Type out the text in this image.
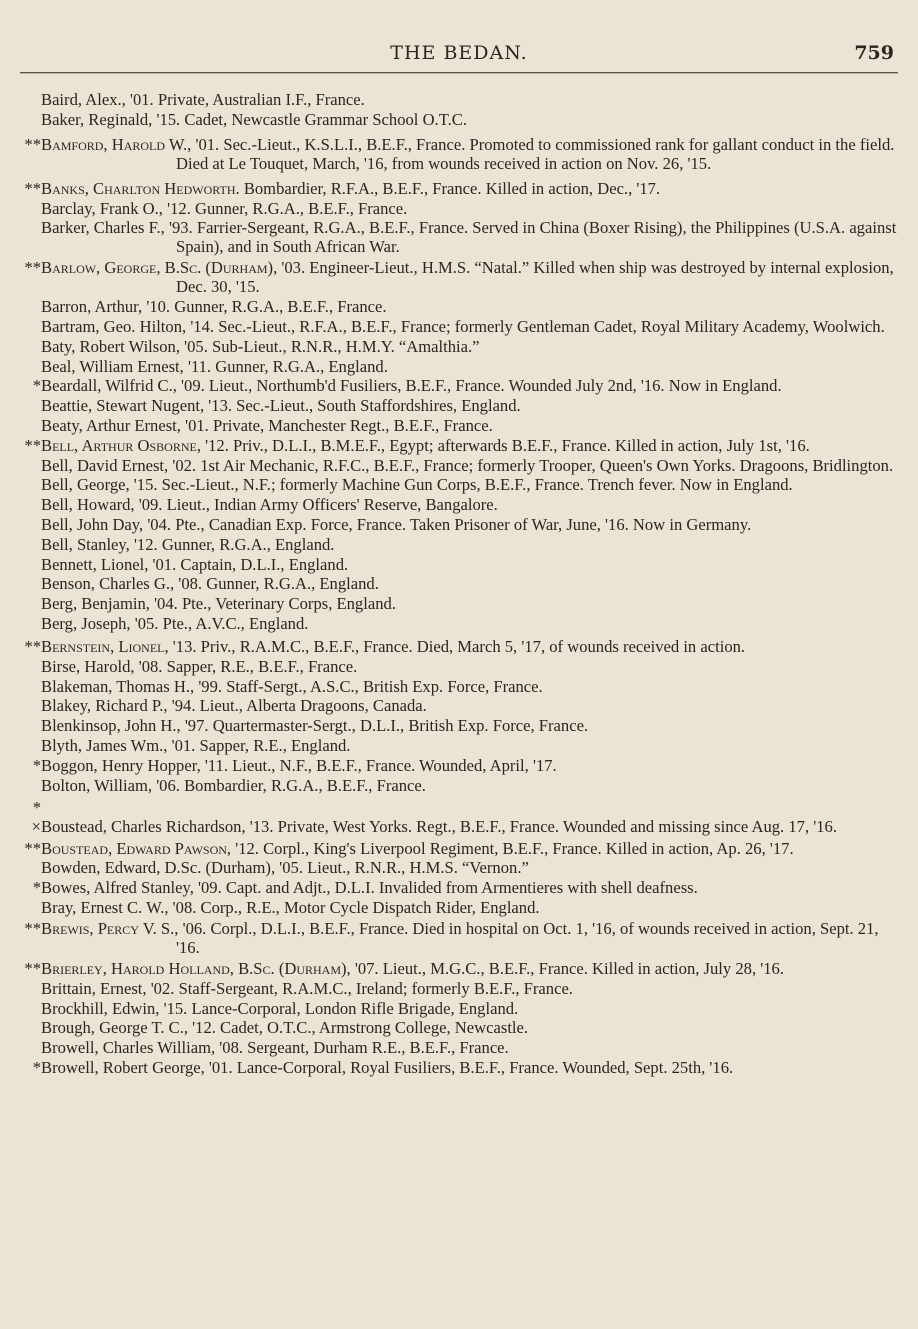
THE BEDAN.	759
Baird, Alex., '01. Private, Australian I.F., France.
Baker, Reginald, '15. Cadet, Newcastle Grammar School O.T.C.
**Bamford, Harold W., '01. Sec.-Lieut., K.S.L.I., B.E.F., France. Promoted to commissioned rank for gallant conduct in the field. Died at Le Touquet, March, '16, from wounds received in action on Nov. 26, '15.
**Banks, Charlton Hedworth. Bombardier, R.F.A., B.E.F., France. Killed in action, Dec., '17.
Barclay, Frank O., '12. Gunner, R.G.A., B.E.F., France.
Barker, Charles F., '93. Farrier-Sergeant, R.G.A., B.E.F., France. Served in China (Boxer Rising), the Philippines (U.S.A. against Spain), and in South African War.
**Barlow, George, B.Sc. (Durham), '03. Engineer-Lieut., H.M.S. “Natal.” Killed when ship was destroyed by internal explosion, Dec. 30, '15.
Barron, Arthur, '10. Gunner, R.G.A., B.E.F., France.
Bartram, Geo. Hilton, '14. Sec.-Lieut., R.F.A., B.E.F., France; formerly Gentleman Cadet, Royal Military Academy, Woolwich.
Baty, Robert Wilson, '05. Sub-Lieut., R.N.R., H.M.Y. “Amalthia.”
Beal, William Ernest, '11. Gunner, R.G.A., England.
*Beardall, Wilfrid C., '09. Lieut., Northumb'd Fusiliers, B.E.F., France. Wounded July 2nd, '16. Now in England.
Beattie, Stewart Nugent, '13. Sec.-Lieut., South Staffordshires, England.
Beaty, Arthur Ernest, '01. Private, Manchester Regt., B.E.F., France.
**Bell, Arthur Osborne, '12. Priv., D.L.I., B.M.E.F., Egypt; afterwards B.E.F., France. Killed in action, July 1st, '16.
Bell, David Ernest, '02. 1st Air Mechanic, R.F.C., B.E.F., France; formerly Trooper, Queen's Own Yorks. Dragoons, Bridlington.
Bell, George, '15. Sec.-Lieut., N.F.; formerly Machine Gun Corps, B.E.F., France. Trench fever. Now in England.
Bell, Howard, '09. Lieut., Indian Army Officers' Reserve, Bangalore.
Bell, John Day, '04. Pte., Canadian Exp. Force, France. Taken Prisoner of War, June, '16. Now in Germany.
Bell, Stanley, '12. Gunner, R.G.A., England.
Bennett, Lionel, '01. Captain, D.L.I., England.
Benson, Charles G., '08. Gunner, R.G.A., England.
Berg, Benjamin, '04. Pte., Veterinary Corps, England.
Berg, Joseph, '05. Pte., A.V.C., England.
**Bernstein, Lionel, '13. Priv., R.A.M.C., B.E.F., France. Died, March 5, '17, of wounds received in action.
Birse, Harold, '08. Sapper, R.E., B.E.F., France.
Blakeman, Thomas H., '99. Staff-Sergt., A.S.C., British Exp. Force, France.
Blakey, Richard P., '94. Lieut., Alberta Dragoons, Canada.
Blenkinsop, John H., '97. Quartermaster-Sergt., D.L.I., British Exp. Force, France.
Blyth, James Wm., '01. Sapper, R.E., England.
*Boggon, Henry Hopper, '11. Lieut., N.F., B.E.F., France. Wounded, April, '17.
Bolton, William, '06. Bombardier, R.G.A., B.E.F., France.
* ×Boustead, Charles Richardson, '13. Private, West Yorks. Regt., B.E.F., France. Wounded and missing since Aug. 17, '16.
**Boustead, Edward Pawson, '12. Corpl., King's Liverpool Regiment, B.E.F., France. Killed in action, Ap. 26, '17.
Bowden, Edward, D.Sc. (Durham), '05. Lieut., R.N.R., H.M.S. “Vernon.”
*Bowes, Alfred Stanley, '09. Capt. and Adjt., D.L.I. Invalided from Armentieres with shell deafness.
Bray, Ernest C. W., '08. Corp., R.E., Motor Cycle Dispatch Rider, England.
**Brewis, Percy V. S., '06. Corpl., D.L.I., B.E.F., France. Died in hospital on Oct. 1, '16, of wounds received in action, Sept. 21, '16.
**Brierley, Harold Holland, B.Sc. (Durham), '07. Lieut., M.G.C., B.E.F., France. Killed in action, July 28, '16.
Brittain, Ernest, '02. Staff-Sergeant, R.A.M.C., Ireland; formerly B.E.F., France.
Brockhill, Edwin, '15. Lance-Corporal, London Rifle Brigade, England.
Brough, George T. C., '12. Cadet, O.T.C., Armstrong College, Newcastle.
Browell, Charles William, '08. Sergeant, Durham R.E., B.E.F., France.
*Browell, Robert George, '01. Lance-Corporal, Royal Fusiliers, B.E.F., France. Wounded, Sept. 25th, '16.
